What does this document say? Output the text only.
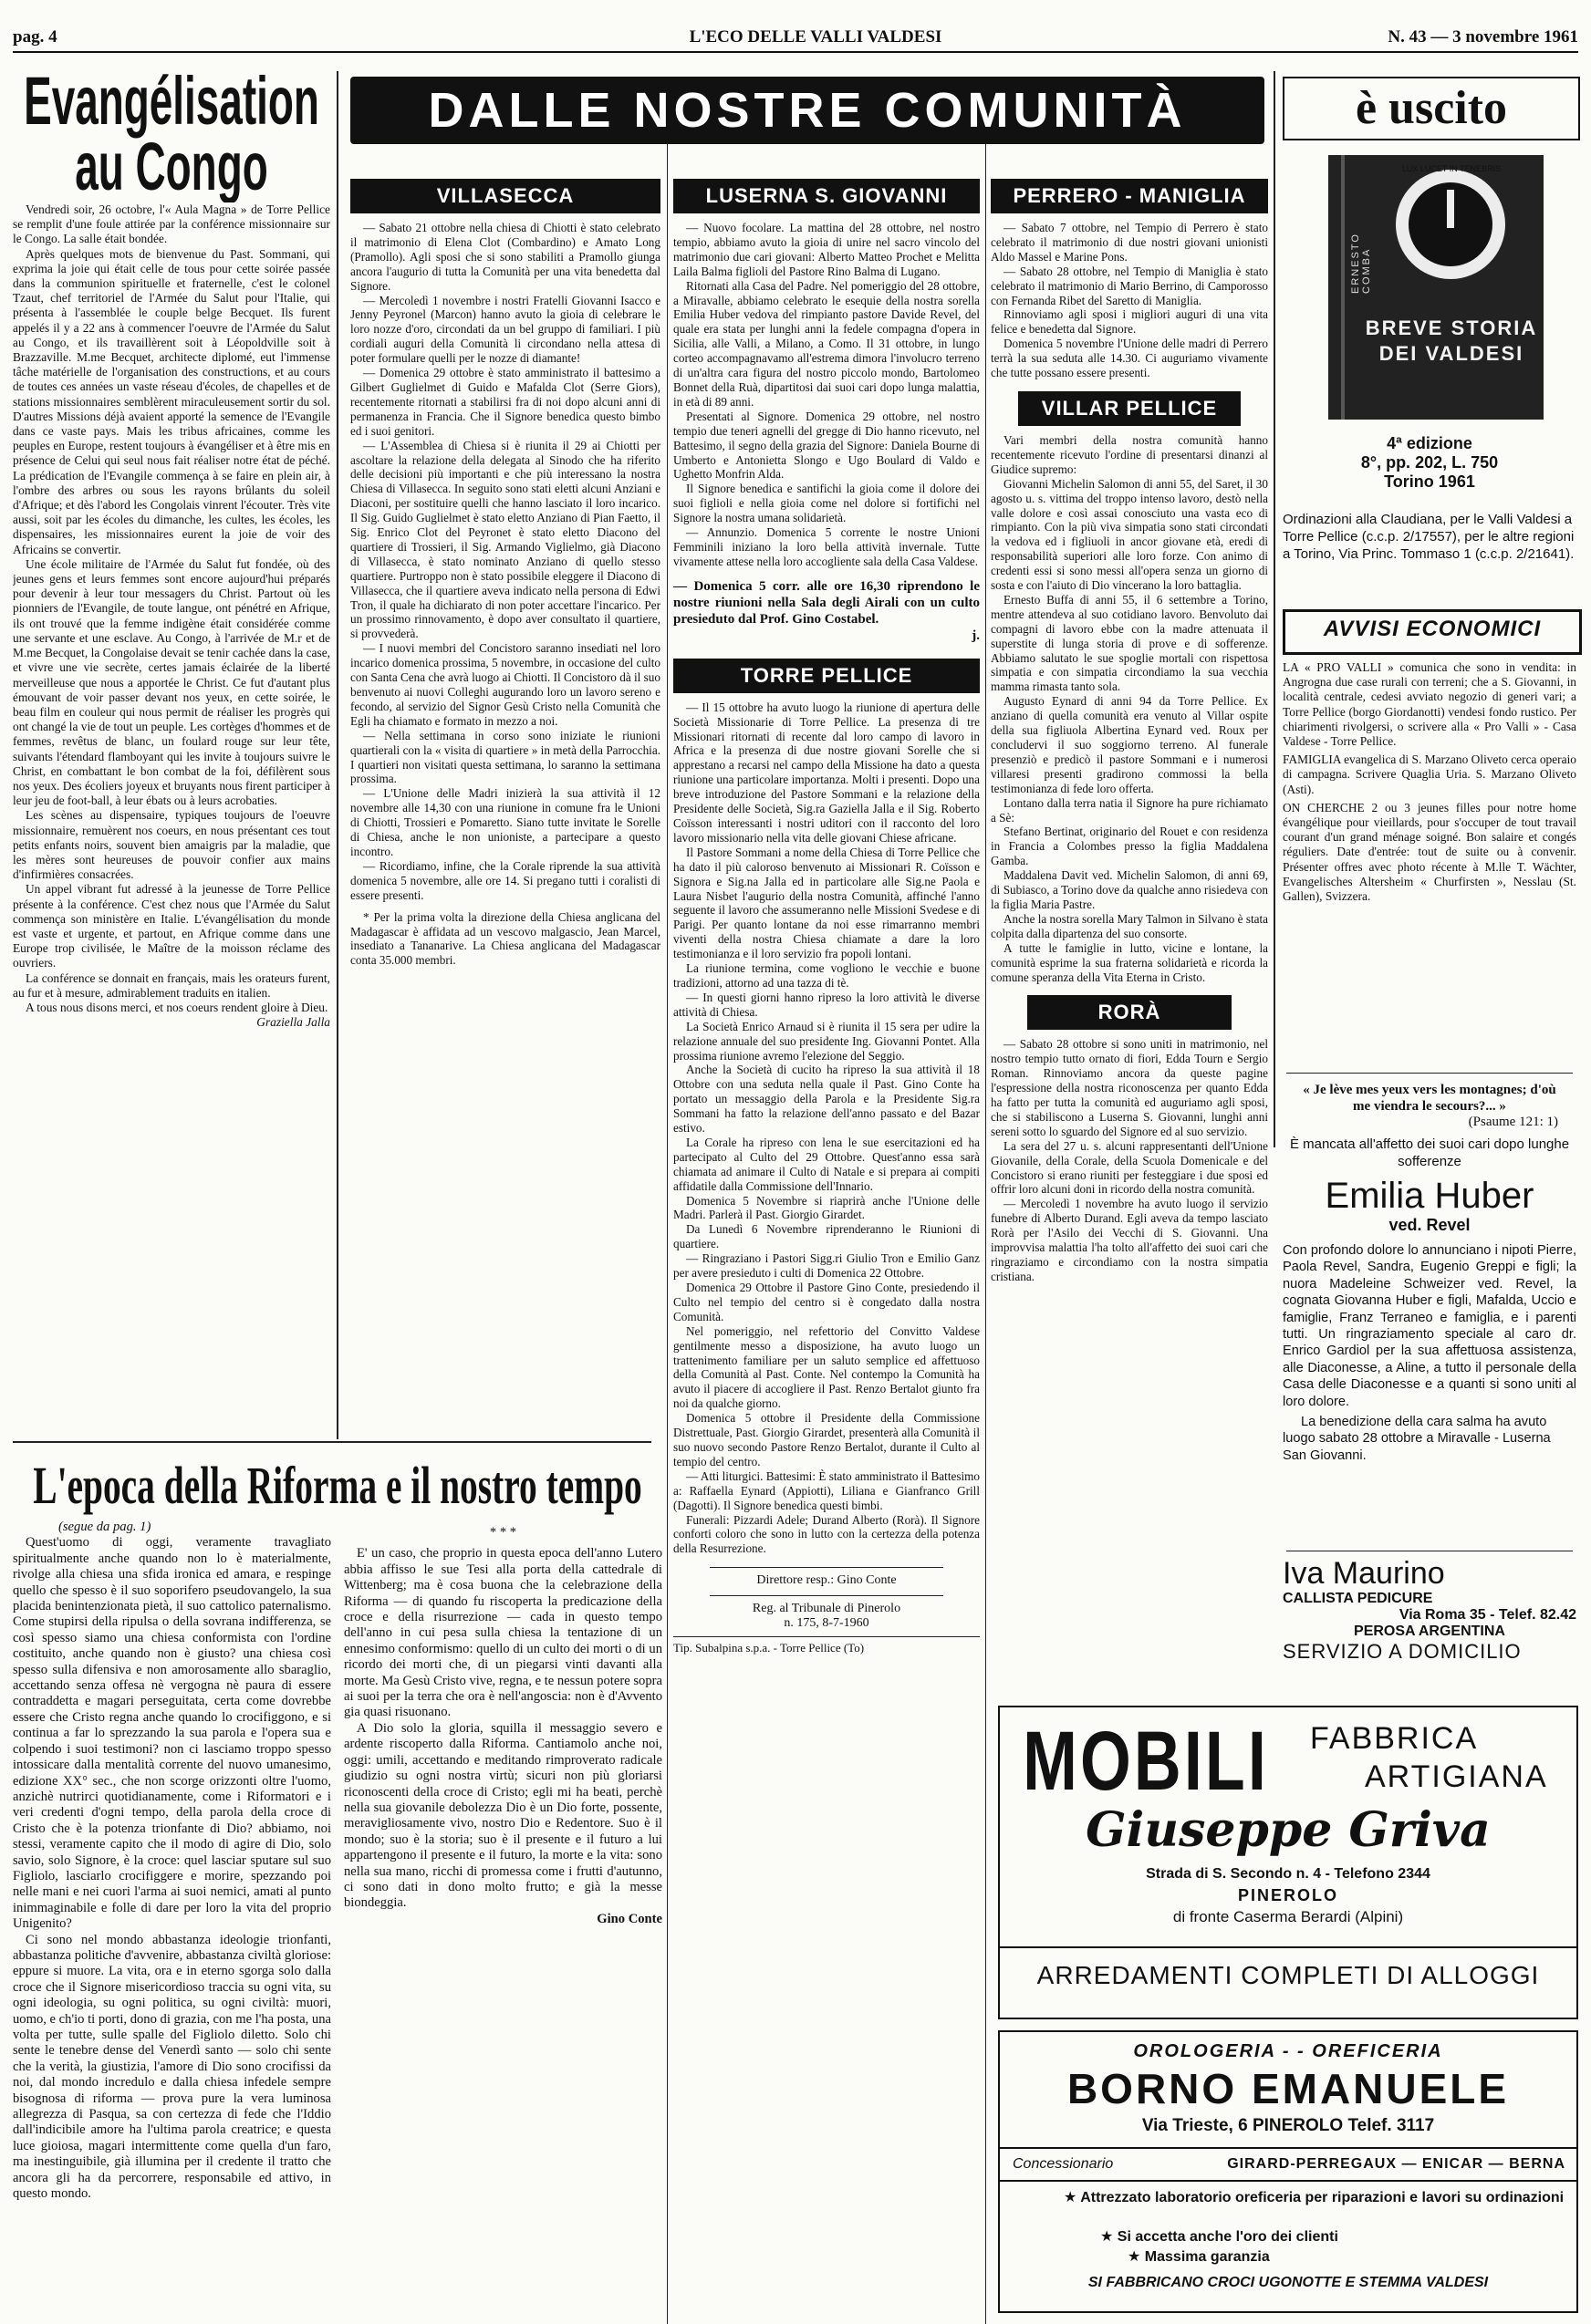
pag. 4	L'ECO DELLE VALLI VALDESI	N. 43 — 3 novembre 1961
Evangélisation
au Congo

Vendredi soir, 26 octobre, l'« Aula Magna » de Torre Pellice se remplit d'une foule attirée par la conférence missionnaire sur le Congo. La salle était bondée.

Après quelques mots de bienvenue du Past. Sommani, qui exprima la joie qui était celle de tous pour cette soirée passée dans la communion spirituelle et fraternelle, c'est le colonel Tzaut, chef territoriel de l'Armée du Salut pour l'Italie, qui présenta à l'assemblée le couple belge Becquet. Ils furent appelés il y a 22 ans à commencer l'oeuvre de l'Armée du Salut au Congo, et ils travaillèrent soit à Léopoldville soit à Brazzaville. M.me Becquet, architecte diplomé, eut l'immense tâche matérielle de l'organisation des constructions, et au cours de toutes ces années un vaste réseau d'écoles, de chapelles et de stations missionnaires semblèrent miraculeusement sortir du sol. D'autres Missions déjà avaient apporté la semence de l'Evangile dans ce vaste pays. Mais les tribus africaines, comme les peuples en Europe, restent toujours à évangéliser et à être mis en présence de Celui qui seul nous fait réaliser notre état de péché. La prédication de l'Evangile commença à se faire en plein air, à l'ombre des arbres ou sous les rayons brûlants du soleil d'Afrique; et dès l'abord les Congolais vinrent l'écouter. Très vite aussi, soit par les écoles du dimanche, les cultes, les écoles, les dispensaires, les missionnaires eurent la joie de voir des Africains se convertir.

Une école militaire de l'Armée du Salut fut fondée, où des jeunes gens et leurs femmes sont encore aujourd'hui préparés pour devenir à leur tour messagers du Christ. Partout où les pionniers de l'Evangile, de toute langue, ont pénétré en Afrique, ils ont trouvé que la femme indigène était considérée comme une servante et une esclave. Au Congo, à l'arrivée de M.r et de M.me Becquet, la Congolaise devait se tenir cachée dans la case, et vivre une vie secrète, certes jamais éclairée de la liberté merveilleuse que nous a apportée le Christ. Ce fut d'autant plus émouvant de voir passer devant nos yeux, en cette soirée, le beau film en couleur qui nous permit de réaliser les progrès qui ont changé la vie de tout un peuple. Les cortèges d'hommes et de femmes, revêtus de blanc, un foulard rouge sur leur tête, suivants l'étendard flamboyant qui les invite à toujours suivre le Christ, en combattant le bon combat de la foi, défilèrent sous nos yeux. Des écoliers joyeux et bruyants nous firent participer à leur jeu de foot-ball, à leur ébats ou à leurs acrobaties.

Les scènes au dispensaire, typiques toujours de l'oeuvre missionnaire, remuèrent nos coeurs, en nous présentant ces tout petits enfants noirs, souvent bien amaigris par la maladie, que les mères sont heureuses de pouvoir confier aux mains d'infirmières consacrées.

Un appel vibrant fut adressé à la jeunesse de Torre Pellice présente à la conférence. C'est chez nous que l'Armée du Salut commença son ministère en Italie. L'évangélisation du monde est vaste et urgente, et partout, en Afrique comme dans une Europe trop civilisée, le Maître de la moisson réclame des ouvriers.

La conférence se donnait en français, mais les orateurs furent, au fur et à mesure, admirablement traduits en italien.

A tous nous disons merci, et nos coeurs rendent gloire à Dieu.

Graziella Jalla

DALLE NOSTRE COMUNITÀ
VILLASECCA

— Sabato 21 ottobre nella chiesa di Chiotti è stato celebrato il matrimonio di Elena Clot (Combardino) e Amato Long (Pramollo). Agli sposi che si sono stabiliti a Pramollo giunga ancora l'augurio di tutta la Comunità per una vita benedetta dal Signore.

— Mercoledì 1 novembre i nostri Fratelli Giovanni Isacco e Jenny Peyronel (Marcon) hanno avuto la gioia di celebrare le loro nozze d'oro, circondati da un bel gruppo di familiari. I più cordiali auguri della Comunità li circondano nella attesa di poter formulare quelli per le nozze di diamante!

— Domenica 29 ottobre è stato amministrato il battesimo a Gilbert Guglielmet di Guido e Mafalda Clot (Serre Giors), recentemente ritornati a stabilirsi fra di noi dopo alcuni anni di permanenza in Francia. Che il Signore benedica questo bimbo ed i suoi genitori.

— L'Assemblea di Chiesa si è riunita il 29 ai Chiotti per ascoltare la relazione della delegata al Sinodo che ha riferito delle decisioni più importanti e che più interessano la nostra Chiesa di Villasecca. In seguito sono stati eletti alcuni Anziani e Diaconi, per sostituire quelli che hanno lasciato il loro incarico. Il Sig. Guido Guglielmet è stato eletto Anziano di Pian Faetto, il Sig. Enrico Clot del Peyronet è stato eletto Diacono del quartiere di Trossieri, il Sig. Armando Viglielmo, già Diacono di Villasecca, è stato nominato Anziano di quello stesso quartiere. Purtroppo non è stato possibile eleggere il Diacono di Villasecca, che il quartiere aveva indicato nella persona di Edwi Tron, il quale ha dichiarato di non poter accettare l'incarico. Per un prossimo rinnovamento, è dopo aver consultato il quartiere, si provvederà.

— I nuovi membri del Concistoro saranno insediati nel loro incarico domenica prossima, 5 novembre, in occasione del culto con Santa Cena che avrà luogo ai Chiotti. Il Concistoro dà il suo benvenuto ai nuovi Colleghi augurando loro un lavoro sereno e fecondo, al servizio del Signor Gesù Cristo nella Comunità che Egli ha chiamato e formato in mezzo a noi.

— Nella settimana in corso sono iniziate le riunioni quartierali con la « visita di quartiere » in metà della Parrocchia. I quartieri non visitati questa settimana, lo saranno la settimana prossima.

— L'Unione delle Madri inizierà la sua attività il 12 novembre alle 14,30 con una riunione in comune fra le Unioni di Chiotti, Trossieri e Pomaretto. Siano tutte invitate le Sorelle di Chiesa, anche le non unioniste, a partecipare a questo incontro.

— Ricordiamo, infine, che la Corale riprende la sua attività domenica 5 novembre, alle ore 14. Si pregano tutti i coralisti di essere presenti.

* Per la prima volta la direzione della Chiesa anglicana del Madagascar è affidata ad un vescovo malgascio, Jean Marcel, insediato a Tananarive. La Chiesa anglicana del Madagascar conta 35.000 membri.

LUSERNA S. GIOVANNI

— Nuovo focolare. La mattina del 28 ottobre, nel nostro tempio, abbiamo avuto la gioia di unire nel sacro vincolo del matrimonio due cari giovani: Alberto Matteo Prochet e Melitta Laila Balma figlioli del Pastore Rino Balma di Lugano.

Ritornati alla Casa del Padre. Nel pomeriggio del 28 ottobre, a Miravalle, abbiamo celebrato le esequie della nostra sorella Emilia Huber vedova del rimpianto pastore Davide Revel, del quale era stata per lunghi anni la fedele compagna d'opera in Sicilia, alle Valli, a Milano, a Como. Il 31 ottobre, in lungo corteo accompagnavamo all'estrema dimora l'involucro terreno di un'altra cara figura del nostro piccolo mondo, Bartolomeo Bonnet della Ruà, dipartitosi dai suoi cari dopo lunga malattia, in età di 89 anni.

Presentati al Signore. Domenica 29 ottobre, nel nostro tempio due teneri agnelli del gregge di Dio hanno ricevuto, nel Battesimo, il segno della grazia del Signore: Daniela Bourne di Umberto e Antonietta Slongo e Ugo Boulard di Valdo e Ughetto Monfrin Alda.

Il Signore benedica e santifichi la gioia come il dolore dei suoi figlioli e nella gioia come nel dolore si fortifichi nel Signore la nostra umana solidarietà.

— Annunzio. Domenica 5 corrente le nostre Unioni Femminili iniziano la loro bella attività invernale. Tutte vivamente attese nella loro accogliente sala della Casa Valdese.

— Domenica 5 corr. alle ore 16,30 riprendono le nostre riunioni nella Sala degli Airali con un culto presieduto dal Prof. Gino Costabel.
j.
TORRE PELLICE

— Il 15 ottobre ha avuto luogo la riunione di apertura delle Società Missionarie di Torre Pellice. La presenza di tre Missionari ritornati di recente dal loro campo di lavoro in Africa e la presenza di due nostre giovani Sorelle che si apprestano a recarsi nel campo della Missione ha dato a questa riunione una particolare importanza. Molti i presenti. Dopo una breve introduzione del Pastore Sommani e la relazione della Presidente delle Società, Sig.ra Gaziella Jalla e il Sig. Roberto Coïsson interessanti i nostri uditori con il racconto del loro lavoro missionario nella vita delle giovani Chiese africane.

Il Pastore Sommani a nome della Chiesa di Torre Pellice che ha dato il più caloroso benvenuto ai Missionari R. Coïsson e Signora e Sig.na Jalla ed in particolare alle Sig.ne Paola e Laura Nisbet l'augurio della nostra Comunità, affinché l'anno seguente il lavoro che assumeranno nelle Missioni Svedese e di Parigi. Per quanto lontane da noi esse rimarranno membri viventi della nostra Chiesa chiamate a dare la loro testimonianza e il loro servizio fra popoli lontani.

La riunione termina, come vogliono le vecchie e buone tradizioni, attorno ad una tazza di tè.

— In questi giorni hanno ripreso la loro attività le diverse attività di Chiesa.

La Società Enrico Arnaud si è riunita il 15 sera per udire la relazione annuale del suo presidente Ing. Giovanni Pontet. Alla prossima riunione avremo l'elezione del Seggio.

Anche la Società di cucito ha ripreso la sua attività il 18 Ottobre con una seduta nella quale il Past. Gino Conte ha portato un messaggio della Parola e la Presidente Sig.ra Sommani ha fatto la relazione dell'anno passato e del Bazar estivo.

La Corale ha ripreso con lena le sue esercitazioni ed ha partecipato al Culto del 29 Ottobre. Quest'anno essa sarà chiamata ad animare il Culto di Natale e si prepara ai compiti affidatile dalla Commissione dell'Innario.

Domenica 5 Novembre si riaprirà anche l'Unione delle Madri. Parlerà il Past. Giorgio Girardet.

Da Lunedì 6 Novembre riprenderanno le Riunioni di quartiere.

— Ringraziano i Pastori Sigg.ri Giulio Tron e Emilio Ganz per avere presieduto i culti di Domenica 22 Ottobre.

Domenica 29 Ottobre il Pastore Gino Conte, presiedendo il Culto nel tempio del centro si è congedato dalla nostra Comunità.

Nel pomeriggio, nel refettorio del Convitto Valdese gentilmente messo a disposizione, ha avuto luogo un trattenimento familiare per un saluto semplice ed affettuoso della Comunità al Past. Conte. Nel contempo la Comunità ha avuto il piacere di accogliere il Past. Renzo Bertalot giunto fra noi da qualche giorno.

Domenica 5 ottobre il Presidente della Commissione Distrettuale, Past. Giorgio Girardet, presenterà alla Comunità il suo nuovo secondo Pastore Renzo Bertalot, durante il Culto al tempio del centro.

— Atti liturgici. Battesimi: È stato amministrato il Battesimo a: Raffaella Eynard (Appiotti), Liliana e Gianfranco Grill (Dagotti). Il Signore benedica questi bimbi.

Funerali: Pizzardi Adele; Durand Alberto (Rorà). Il Signore conforti coloro che sono in lutto con la certezza della potenza della Resurrezione.

Direttore resp.: Gino Conte
Reg. al Tribunale di Pinerolo
n. 175, 8-7-1960
Tip. Subalpina s.p.a. - Torre Pellice (To)
PERRERO - MANIGLIA

— Sabato 7 ottobre, nel Tempio di Perrero è stato celebrato il matrimonio di due nostri giovani unionisti Aldo Massel e Marine Pons.

— Sabato 28 ottobre, nel Tempio di Maniglia è stato celebrato il matrimonio di Mario Berrino, di Camporosso con Fernanda Ribet del Saretto di Maniglia.

Rinnoviamo agli sposi i migliori auguri di una vita felice e benedetta dal Signore.

Domenica 5 novembre l'Unione delle madri di Perrero terrà la sua seduta alle 14.30. Ci auguriamo vivamente che tutte possano essere presenti.

VILLAR PELLICE

Vari membri della nostra comunità hanno recentemente ricevuto l'ordine di presentarsi dinanzi al Giudice supremo:

Giovanni Michelin Salomon di anni 55, del Saret, il 30 agosto u. s. vittima del troppo intenso lavoro, destò nella valle dolore e così assai conosciuto una vasta eco di rimpianto. Con la più viva simpatia sono stati circondati la vedova ed i figliuoli in ancor giovane età, eredi di responsabilità superiori alle loro forze. Con animo di credenti essi si sono messi all'opera senza un giorno di sosta e con l'aiuto di Dio vincerano la loro battaglia.

Ernesto Buffa di anni 55, il 6 settembre a Torino, mentre attendeva al suo cotidiano lavoro. Benvoluto dai compagni di lavoro ebbe con la madre attenuata il superstite di lunga storia di prove e di sofferenze. Abbiamo salutato le sue spoglie mortali con rispettosa simpatia e con simpatia circondiamo la sua vecchia mamma rimasta tanto sola.

Augusto Eynard di anni 94 da Torre Pellice. Ex anziano di quella comunità era venuto al Villar ospite della sua figliuola Albertina Eynard ved. Roux per concludervi il suo soggiorno terreno. Al funerale presenziò e predicò il pastore Sommani e i numerosi villaresi presenti gradirono commossi la bella testimonianza di fede loro offerta.

Lontano dalla terra natia il Signore ha pure richiamato a Sè:

Stefano Bertinat, originario del Rouet e con residenza in Francia a Colombes presso la figlia Maddalena Gamba.

Maddalena Davit ved. Michelin Salomon, di anni 69, di Subiasco, a Torino dove da qualche anno risiedeva con la figlia Maria Pastre.

Anche la nostra sorella Mary Talmon in Silvano è stata colpita dalla dipartenza del suo consorte.

A tutte le famiglie in lutto, vicine e lontane, la comunità esprime la sua fraterna solidarietà e ricorda la comune speranza della Vita Eterna in Cristo.

RORÀ

— Sabato 28 ottobre si sono uniti in matrimonio, nel nostro tempio tutto ornato di fiori, Edda Tourn e Sergio Roman. Rinnoviamo ancora da queste pagine l'espressione della nostra riconoscenza per quanto Edda ha fatto per tutta la comunità ed auguriamo agli sposi, che si stabiliscono a Luserna S. Giovanni, lunghi anni sereni sotto lo sguardo del Signore ed al suo servizio.

La sera del 27 u. s. alcuni rappresentanti dell'Unione Giovanile, della Corale, della Scuola Domenicale e del Concistoro si erano riuniti per festeggiare i due sposi ed offrir loro alcuni doni in ricordo della nostra comunità.

— Mercoledì 1 novembre ha avuto luogo il servizio funebre di Alberto Durand. Egli aveva da tempo lasciato Rorà per l'Asilo dei Vecchi di S. Giovanni. Una improvvisa malattia l'ha tolto all'affetto dei suoi cari che ringraziamo e circondiamo con la nostra simpatia cristiana.

L'epoca della Riforma e il nostro tempo

(segue da pag. 1)

Quest'uomo di oggi, veramente travagliato spiritualmente anche quando non lo è materialmente, rivolge alla chiesa una sfida ironica ed amara, e respinge quello che spesso è il suo soporifero pseudovangelo, la sua placida benintenzionata pietà, il suo cattolico paternalismo. Come stupirsi della ripulsa o della sovrana indifferenza, se così spesso siamo una chiesa conformista con l'ordine costituito, anche quando non è giusto? una chiesa così spesso sulla difensiva e non amorosamente allo sbaraglio, accettando senza offesa nè vergogna nè paura di essere contraddetta e magari perseguitata, certa come dovrebbe essere che Cristo regna anche quando lo crocifiggono, e si continua a far lo sprezzando la sua parola e l'opera sua e colpendo i suoi testimoni? non ci lasciamo troppo spesso intossicare dalla mentalità corrente del nuovo umanesimo, edizione XX° sec., che non scorge orizzonti oltre l'uomo, anzichè nutrirci quotidianamente, come i Riformatori e i veri credenti d'ogni tempo, della parola della croce di Cristo che è la potenza trionfante di Dio? abbiamo, noi stessi, veramente capito che il modo di agire di Dio, solo savio, solo Signore, è la croce: quel lasciar sputare sul suo Figliolo, lasciarlo crocifiggere e morire, spezzando poi nelle mani e nei cuori l'arma ai suoi nemici, amati al punto inimmaginabile e folle di dare per loro la vita del proprio Unigenito?

Ci sono nel mondo abbastanza ideologie trionfanti, abbastanza politiche d'avvenire, abbastanza civiltà gloriose: eppure si muore. La vita, ora e in eterno sgorga solo dalla croce che il Signore misericordioso traccia su ogni vita, su ogni ideologia, su ogni politica, su ogni civiltà: muori, uomo, e ch'io ti porti, dono di grazia, con me l'ha posta, una volta per tutte, sulle spalle del Figliolo diletto. Solo chi sente le tenebre dense del Venerdì santo — solo chi sente che la verità, la giustizia, l'amore di Dio sono crocifissi da noi, dal mondo incredulo e dalla chiesa infedele sempre bisognosa di riforma — prova pure la vera luminosa allegrezza di Pasqua, sa con certezza di fede che l'Iddio dall'indicibile amore ha l'ultima parola creatrice; e questa luce gioiosa, magari intermittente come quella d'un faro, ma inestinguibile, già illumina per il credente il tratto che ancora gli ha da percorrere, responsabile ed attivo, in questo mondo.

* * *

E' un caso, che proprio in questa epoca dell'anno Lutero abbia affisso le sue Tesi alla porta della cattedrale di Wittenberg; ma è cosa buona che la celebrazione della Riforma — di quando fu riscoperta la predicazione della croce e della risurrezione — cada in questo tempo dell'anno in cui pesa sulla chiesa la tentazione di un ennesimo conformismo: quello di un culto dei morti o di un ricordo dei morti che, di un piegarsi vinti davanti alla morte. Ma Gesù Cristo vive, regna, e te nessun potere sopra ai suoi per la terra che ora è nell'angoscia: non è d'Avvento gia quasi risuonano.

A Dio solo la gloria, squilla il messaggio severo e ardente riscoperto dalla Riforma. Cantiamolo anche noi, oggi: umili, accettando e meditando rimproverato radicale giudizio su ogni nostra virtù; sicuri non più gloriarsi riconoscenti della croce di Cristo; egli mi ha beati, perchè nella sua giovanile debolezza Dio è un Dio forte, possente, meravigliosamente vivo, nostro Dio e Redentore. Suo è il mondo; suo è la storia; suo è il presente e il futuro a lui appartengono il presente e il futuro, la morte e la vita: sono nella sua mano, ricchi di promessa come i frutti d'autunno, ci sono dati in dono molto frutto; e già la messe biondeggia.

Gino Conte

è uscito
ERNESTO COMBA
LUX LUCET IN TENEBRIS
BREVE STORIA DEI VALDESI
4ª edizione
8°, pp. 202, L. 750
Torino 1961
Ordinazioni alla Claudiana, per le Valli Valdesi a Torre Pellice (c.c.p. 2/17557), per le altre regioni a Torino, Via Princ. Tommaso 1 (c.c.p. 2/21641).
AVVISI ECONOMICI

LA « PRO VALLI » comunica che sono in vendita: in Angrogna due case rurali con terreni; che a S. Giovanni, in località centrale, cedesi avviato negozio di generi vari; a Torre Pellice (borgo Giordanotti) vendesi fondo rustico. Per chiarimenti rivolgersi, o scrivere alla « Pro Valli » - Casa Valdese - Torre Pellice.

FAMIGLIA evangelica di S. Marzano Oliveto cerca operaio di campagna. Scrivere Quaglia Uria. S. Marzano Oliveto (Asti).

ON CHERCHE 2 ou 3 jeunes filles pour notre home évangélique pour vieillards, pour s'occuper de tout travail courant d'un grand ménage soigné. Bon salaire et congés réguliers. Date d'entrée: tout de suite ou à convenir. Présenter offres avec photo récente à M.lle T. Wächter, Evangelisches Altersheim « Churfirsten », Nesslau (St. Gallen), Svizzera.

« Je lève mes yeux vers les montagnes; d'où me viendra le secours?... »
(Psaume 121: 1)
È mancata all'affetto dei suoi cari dopo lunghe sofferenze
Emilia Huber
ved. Revel
Con profondo dolore lo annunciano i nipoti Pierre, Paola Revel, Sandra, Eugenio Greppi e figli; la nuora Madeleine Schweizer ved. Revel, la cognata Giovanna Huber e figli, Mafalda, Uccio e famiglie, Franz Terraneo e famiglia, e i parenti tutti. Un ringraziamento speciale al caro dr. Enrico Gardiol per la sua affettuosa assistenza, alle Diaconesse, a Aline, a tutto il personale della Casa delle Diaconesse e a quanti si sono uniti al loro dolore.
La benedizione della cara salma ha avuto luogo sabato 28 ottobre a Miravalle - Luserna San Giovanni.
Iva Maurino
CALLISTA PEDICURE
Via Roma 35 - Telef. 82.42
PEROSA ARGENTINA
SERVIZIO A DOMICILIO
MOBILI	FABBRICA
ARTIGIANA
Giuseppe Griva
Strada di S. Secondo n. 4 - Telefono 2344
PINEROLO
di fronte Caserma Berardi (Alpini)
ARREDAMENTI COMPLETI DI ALLOGGI
OROLOGERIA - - OREFICERIA
BORNO EMANUELE
Via Trieste, 6 PINEROLO Telef. 3117
Concessionario	GIRARD-PERREGAUX — ENICAR — BERNA
★ Attrezzato laboratorio oreficeria per riparazioni e lavori su ordinazioni
★ Si accetta anche l'oro dei clienti
★ Massima garanzia
SI FABBRICANO CROCI UGONOTTE E STEMMA VALDESI
